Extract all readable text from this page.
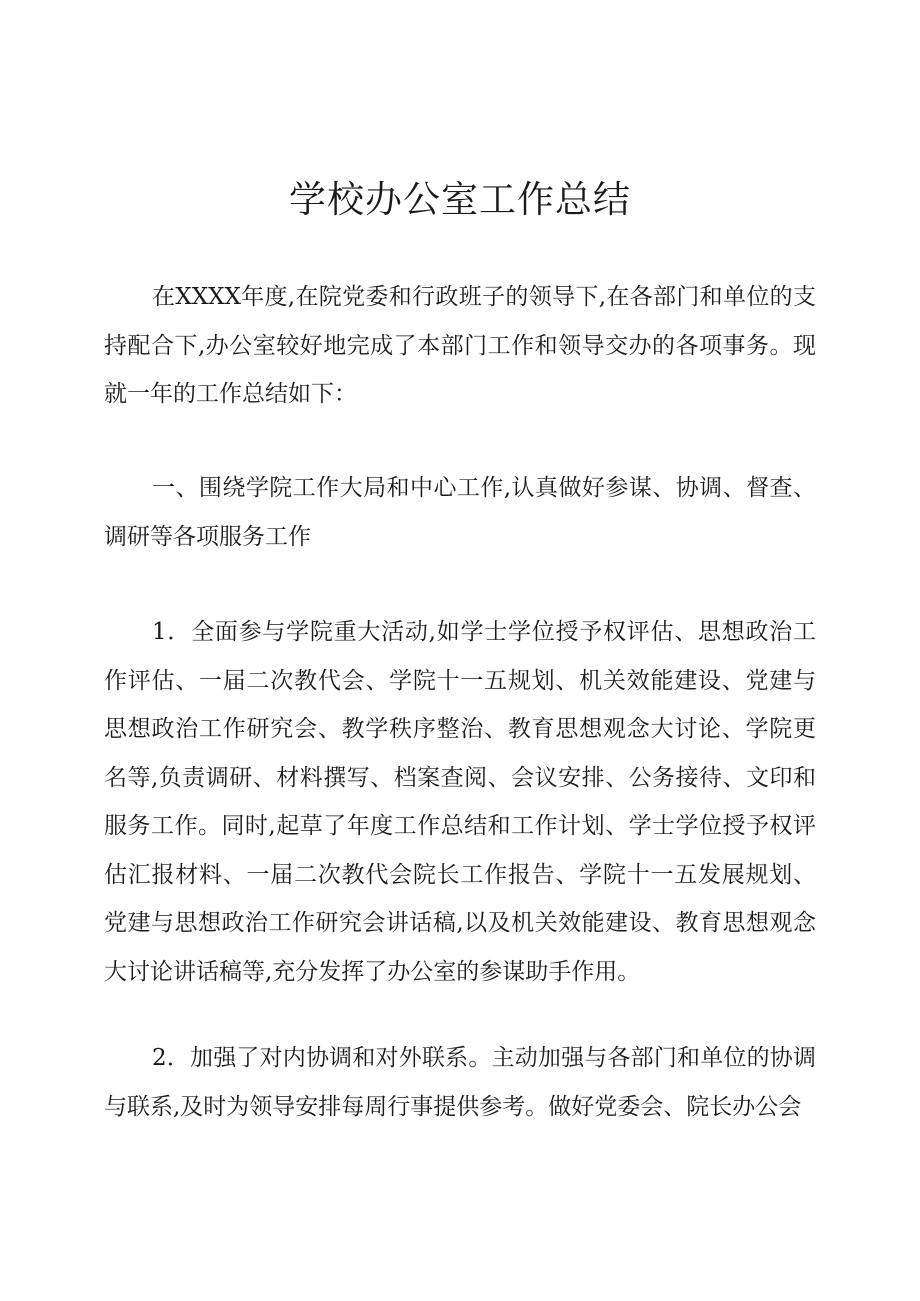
学校办公室工作总结

在XXXX年度,在院党委和行政班子的领导下,在各部门和单位的支持配合下,办公室较好地完成了本部门工作和领导交办的各项事务。现就一年的工作总结如下：

一、围绕学院工作大局和中心工作,认真做好参谋、协调、督查、调研等各项服务工作

1．全面参与学院重大活动,如学士学位授予权评估、思想政治工作评估、一届二次教代会、学院十一五规划、机关效能建设、党建与思想政治工作研究会、教学秩序整治、教育思想观念大讨论、学院更名等,负责调研、材料撰写、档案查阅、会议安排、公务接待、文印和服务工作。同时,起草了年度工作总结和工作计划、学士学位授予权评估汇报材料、一届二次教代会院长工作报告、学院十一五发展规划、党建与思想政治工作研究会讲话稿,以及机关效能建设、教育思想观念大讨论讲话稿等,充分发挥了办公室的参谋助手作用。

2．加强了对内协调和对外联系。主动加强与各部门和单位的协调与联系,及时为领导安排每周行事提供参考。做好党委会、院长办公会
